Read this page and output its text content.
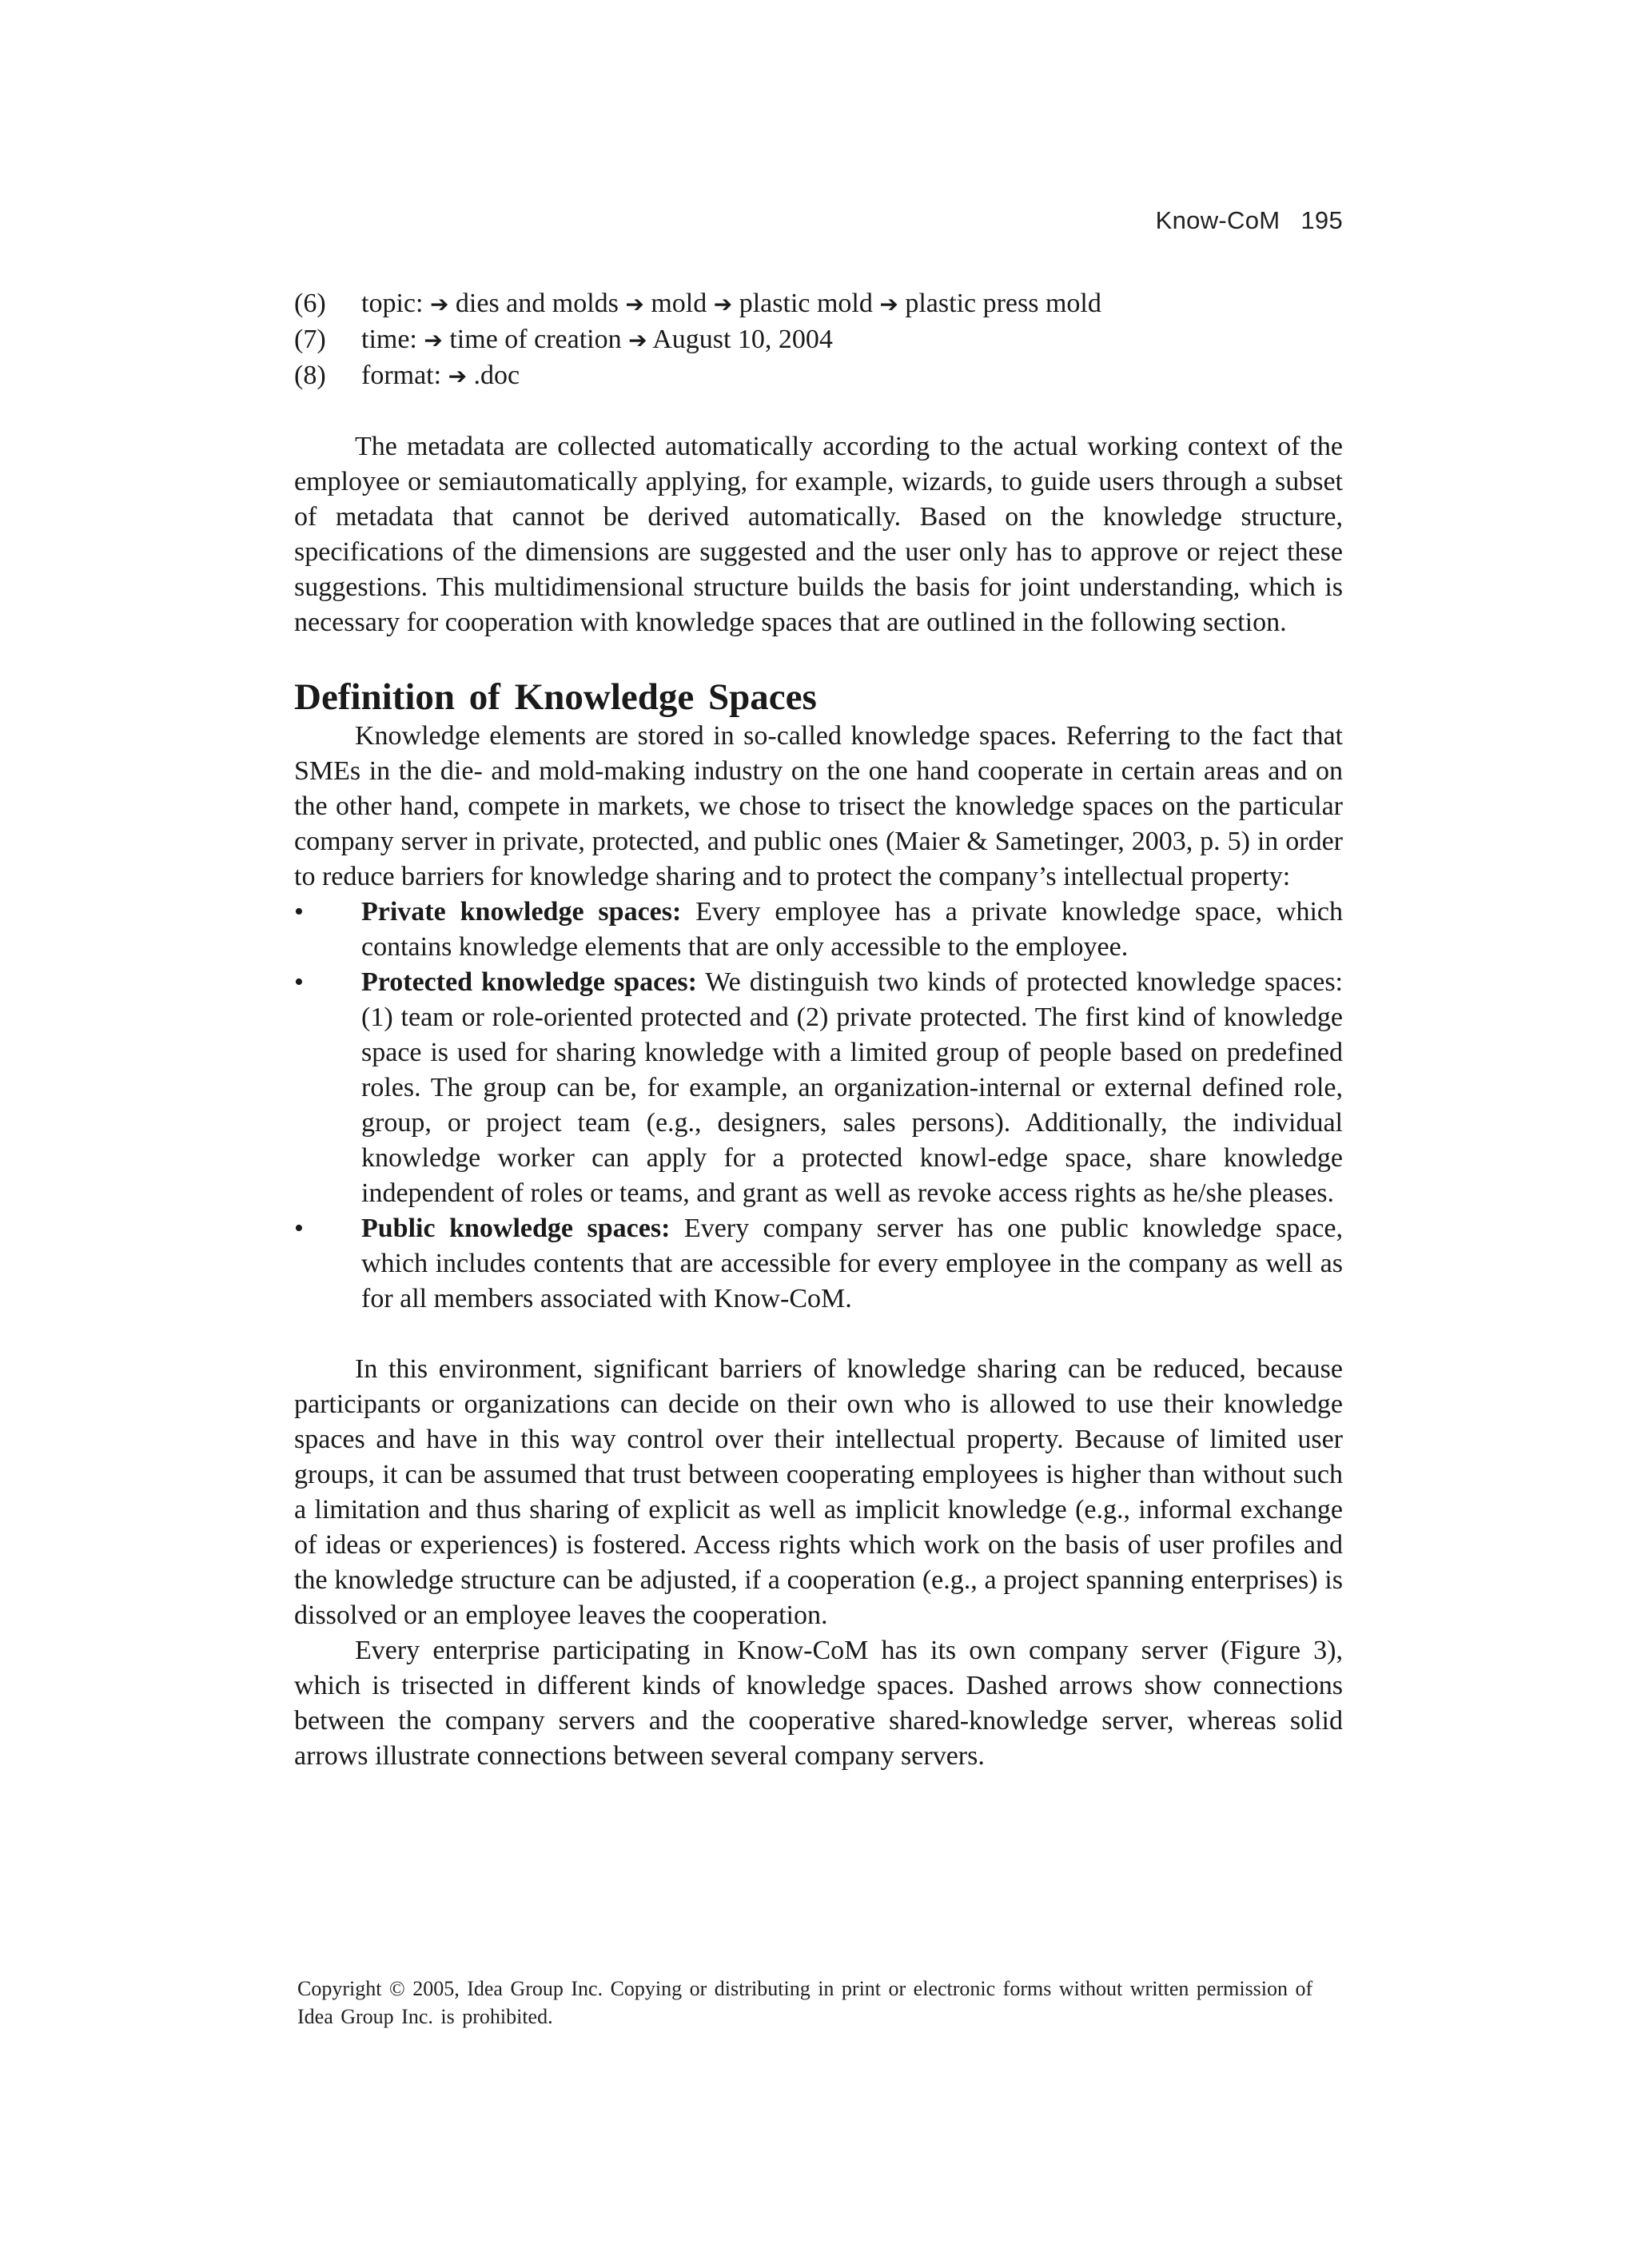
Know-CoM 195
(6)	topic: ➔ dies and molds ➔ mold ➔ plastic mold ➔ plastic press mold
(7)	time: ➔ time of creation ➔ August 10, 2004
(8)	format: ➔ .doc

The metadata are collected automatically according to the actual working context of the employee or semiautomatically applying, for example, wizards, to guide users through a subset of metadata that cannot be derived automatically. Based on the knowledge structure, specifications of the dimensions are suggested and the user only has to approve or reject these suggestions. This multidimensional structure builds the basis for joint understanding, which is necessary for cooperation with knowledge spaces that are outlined in the following section.

Definition of Knowledge Spaces

Knowledge elements are stored in so-called knowledge spaces. Referring to the fact that SMEs in the die- and mold-making industry on the one hand cooperate in certain areas and on the other hand, compete in markets, we chose to trisect the knowledge spaces on the particular company server in private, protected, and public ones (Maier & Sametinger, 2003, p. 5) in order to reduce barriers for knowledge sharing and to protect the company’s intellectual property:

•	Private knowledge spaces: Every employee has a private knowledge space, which contains knowledge elements that are only accessible to the employee.
•	Protected knowledge spaces: We distinguish two kinds of protected knowledge spaces: (1) team or role-oriented protected and (2) private protected. The first kind of knowledge space is used for sharing knowledge with a limited group of people based on predefined roles. The group can be, for example, an organization-internal or external defined role, group, or project team (e.g., designers, sales persons). Additionally, the individual knowledge worker can apply for a protected knowl-edge space, share knowledge independent of roles or teams, and grant as well as revoke access rights as he/she pleases.
•	Public knowledge spaces: Every company server has one public knowledge space, which includes contents that are accessible for every employee in the company as well as for all members associated with Know-CoM.

In this environment, significant barriers of knowledge sharing can be reduced, because participants or organizations can decide on their own who is allowed to use their knowledge spaces and have in this way control over their intellectual property. Because of limited user groups, it can be assumed that trust between cooperating employees is higher than without such a limitation and thus sharing of explicit as well as implicit knowledge (e.g., informal exchange of ideas or experiences) is fostered. Access rights which work on the basis of user profiles and the knowledge structure can be adjusted, if a cooperation (e.g., a project spanning enterprises) is dissolved or an employee leaves the cooperation.

Every enterprise participating in Know-CoM has its own company server (Figure 3), which is trisected in different kinds of knowledge spaces. Dashed arrows show connections between the company servers and the cooperative shared-knowledge server, whereas solid arrows illustrate connections between several company servers.

Copyright © 2005, Idea Group Inc. Copying or distributing in print or electronic forms without written permission of Idea Group Inc. is prohibited.
